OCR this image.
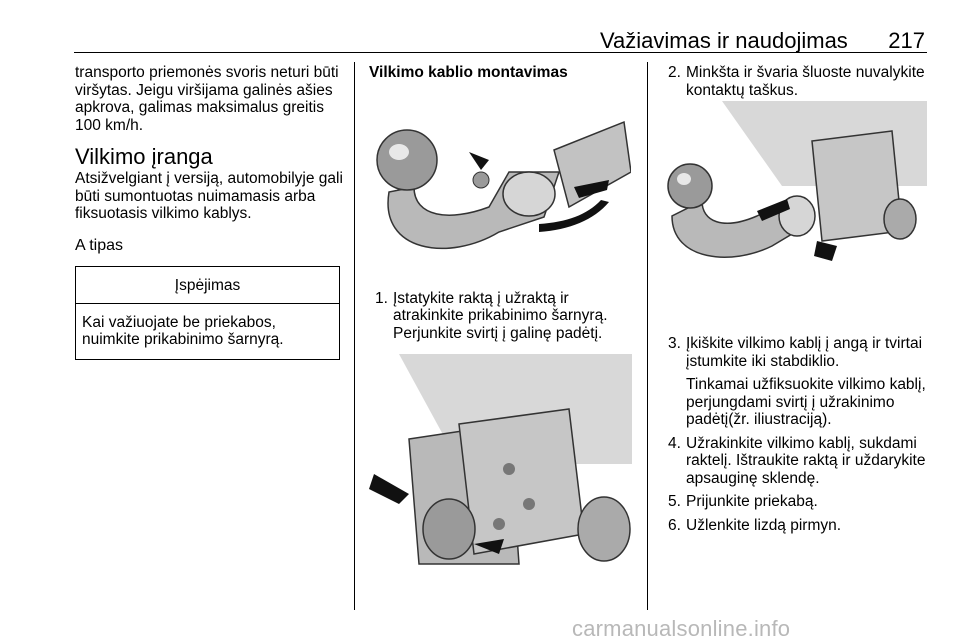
Važiavimas ir naudojimas	217

transporto priemonės svoris neturi būti viršytas. Jeigu viršijama galinės ašies apkrova, galimas maksimalus greitis 100 km/h.

Vilkimo įranga

Atsižvelgiant į versiją, automobilyje gali būti sumontuotas nuimamasis arba fiksuotasis vilkimo kablys.

A tipas

Įspėjimas
Kai važiuojate be priekabos, nuimkite prikabinimo šarnyrą.

Vilkimo kablio montavimas

1. Įstatykite raktą į užraktą ir atrakinkite prikabinimo šarnyrą. Perjunkite svirtį į galinę padėtį.
2. Minkšta ir švaria šluoste nuvalykite kontaktų taškus.
3. Įkiškite vilkimo kablį į angą ir tvirtai įstumkite iki stabdiklio.

Tinkamai užfiksuokite vilkimo kablį, perjungdami svirtį į užrakinimo padėtį(žr. iliustraciją).

4. Užrakinkite vilkimo kablį, sukdami raktelį. Ištraukite raktą ir uždarykite apsauginę sklendę.
5. Prijunkite priekabą.
6. Užlenkite lizdą pirmyn.
carmanualsonline.info
